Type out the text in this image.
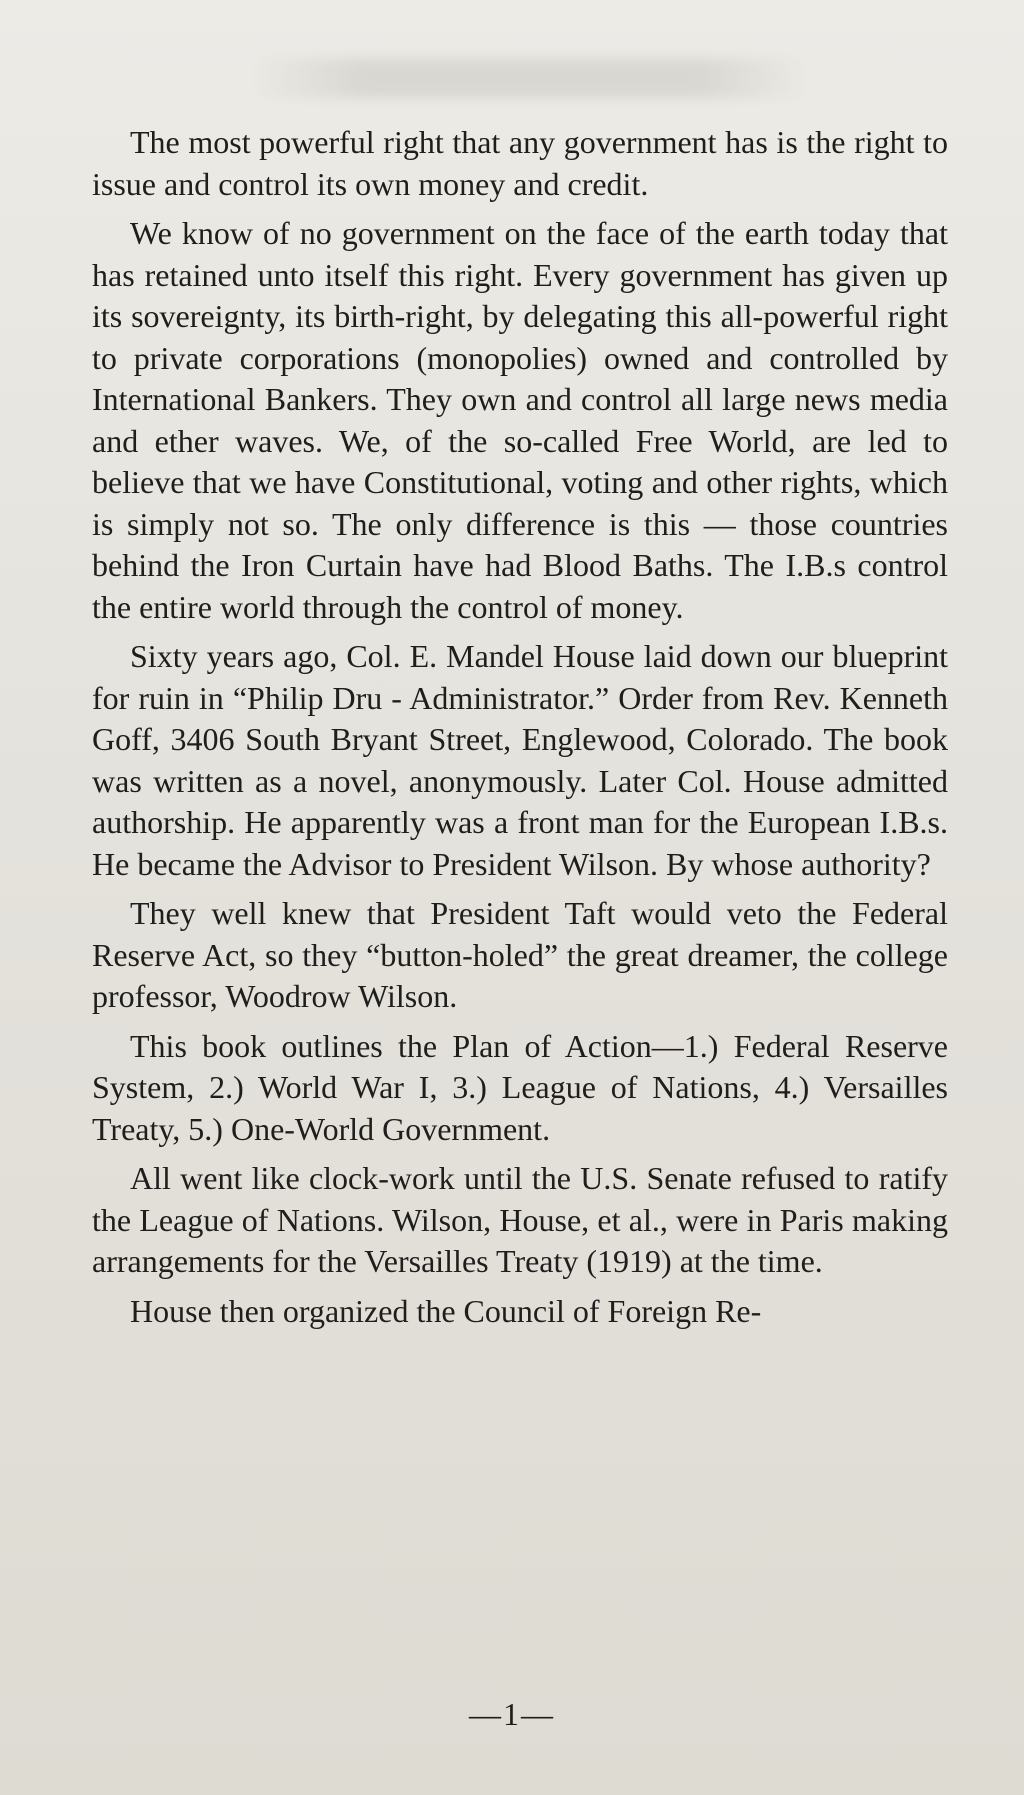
The most powerful right that any government has is the right to issue and control its own money and credit.

We know of no government on the face of the earth today that has retained unto itself this right. Every government has given up its sovereignty, its birth-right, by delegating this all-powerful right to private corporations (monopolies) owned and controlled by International Bankers. They own and control all large news media and ether waves. We, of the so-called Free World, are led to believe that we have Constitutional, voting and other rights, which is simply not so. The only difference is this — those countries behind the Iron Curtain have had Blood Baths. The I.B.s control the entire world through the control of money.

Sixty years ago, Col. E. Mandel House laid down our blueprint for ruin in “Philip Dru - Administrator.” Order from Rev. Kenneth Goff, 3406 South Bryant Street, Englewood, Colorado. The book was written as a novel, anonymously. Later Col. House admitted authorship. He apparently was a front man for the European I.B.s. He became the Advisor to President Wilson. By whose authority?

They well knew that President Taft would veto the Federal Reserve Act, so they “button-holed” the great dreamer, the college professor, Woodrow Wilson.

This book outlines the Plan of Action—1.) Federal Reserve System, 2.) World War I, 3.) League of Nations, 4.) Versailles Treaty, 5.) One-World Government.

All went like clock-work until the U.S. Senate refused to ratify the League of Nations. Wilson, House, et al., were in Paris making arrangements for the Versailles Treaty (1919) at the time.

House then organized the Council of Foreign Re-

—1—
